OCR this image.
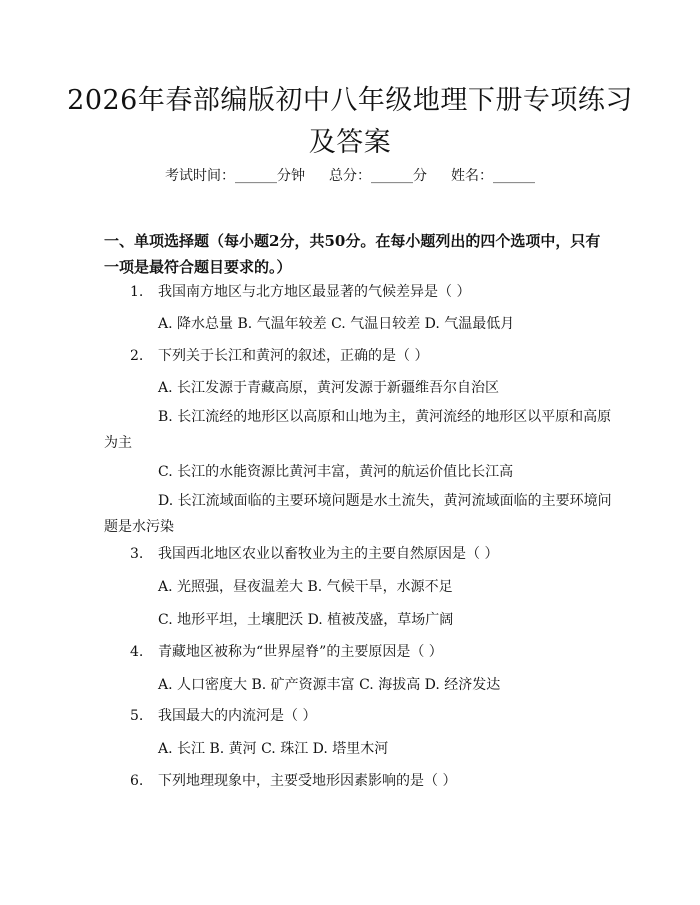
2026年春部编版初中八年级地理下册专项练习及答案
考试时间：______分钟 总分：______分 姓名：______
一、单项选择题（每小题2分，共50分。在每小题列出的四个选项中，只有一项是最符合题目要求的。）
1. 我国南方地区与北方地区最显著的气候差异是（ ）
A. 降水总量 B. 气温年较差 C. 气温日较差 D. 气温最低月
2. 下列关于长江和黄河的叙述，正确的是（ ）
A. 长江发源于青藏高原，黄河发源于新疆维吾尔自治区
B. 长江流经的地形区以高原和山地为主，黄河流经的地形区以平原和高原为主
C. 长江的水能资源比黄河丰富，黄河的航运价值比长江高
D. 长江流域面临的主要环境问题是水土流失，黄河流域面临的主要环境问题是水污染
3. 我国西北地区农业以畜牧业为主的主要自然原因是（ ）
A. 光照强，昼夜温差大 B. 气候干旱，水源不足
C. 地形平坦，土壤肥沃 D. 植被茂盛，草场广阔
4. 青藏地区被称为“世界屋脊”的主要原因是（ ）
A. 人口密度大 B. 矿产资源丰富 C. 海拔高 D. 经济发达
5. 我国最大的内流河是（ ）
A. 长江 B. 黄河 C. 珠江 D. 塔里木河
6. 下列地理现象中，主要受地形因素影响的是（ ）
